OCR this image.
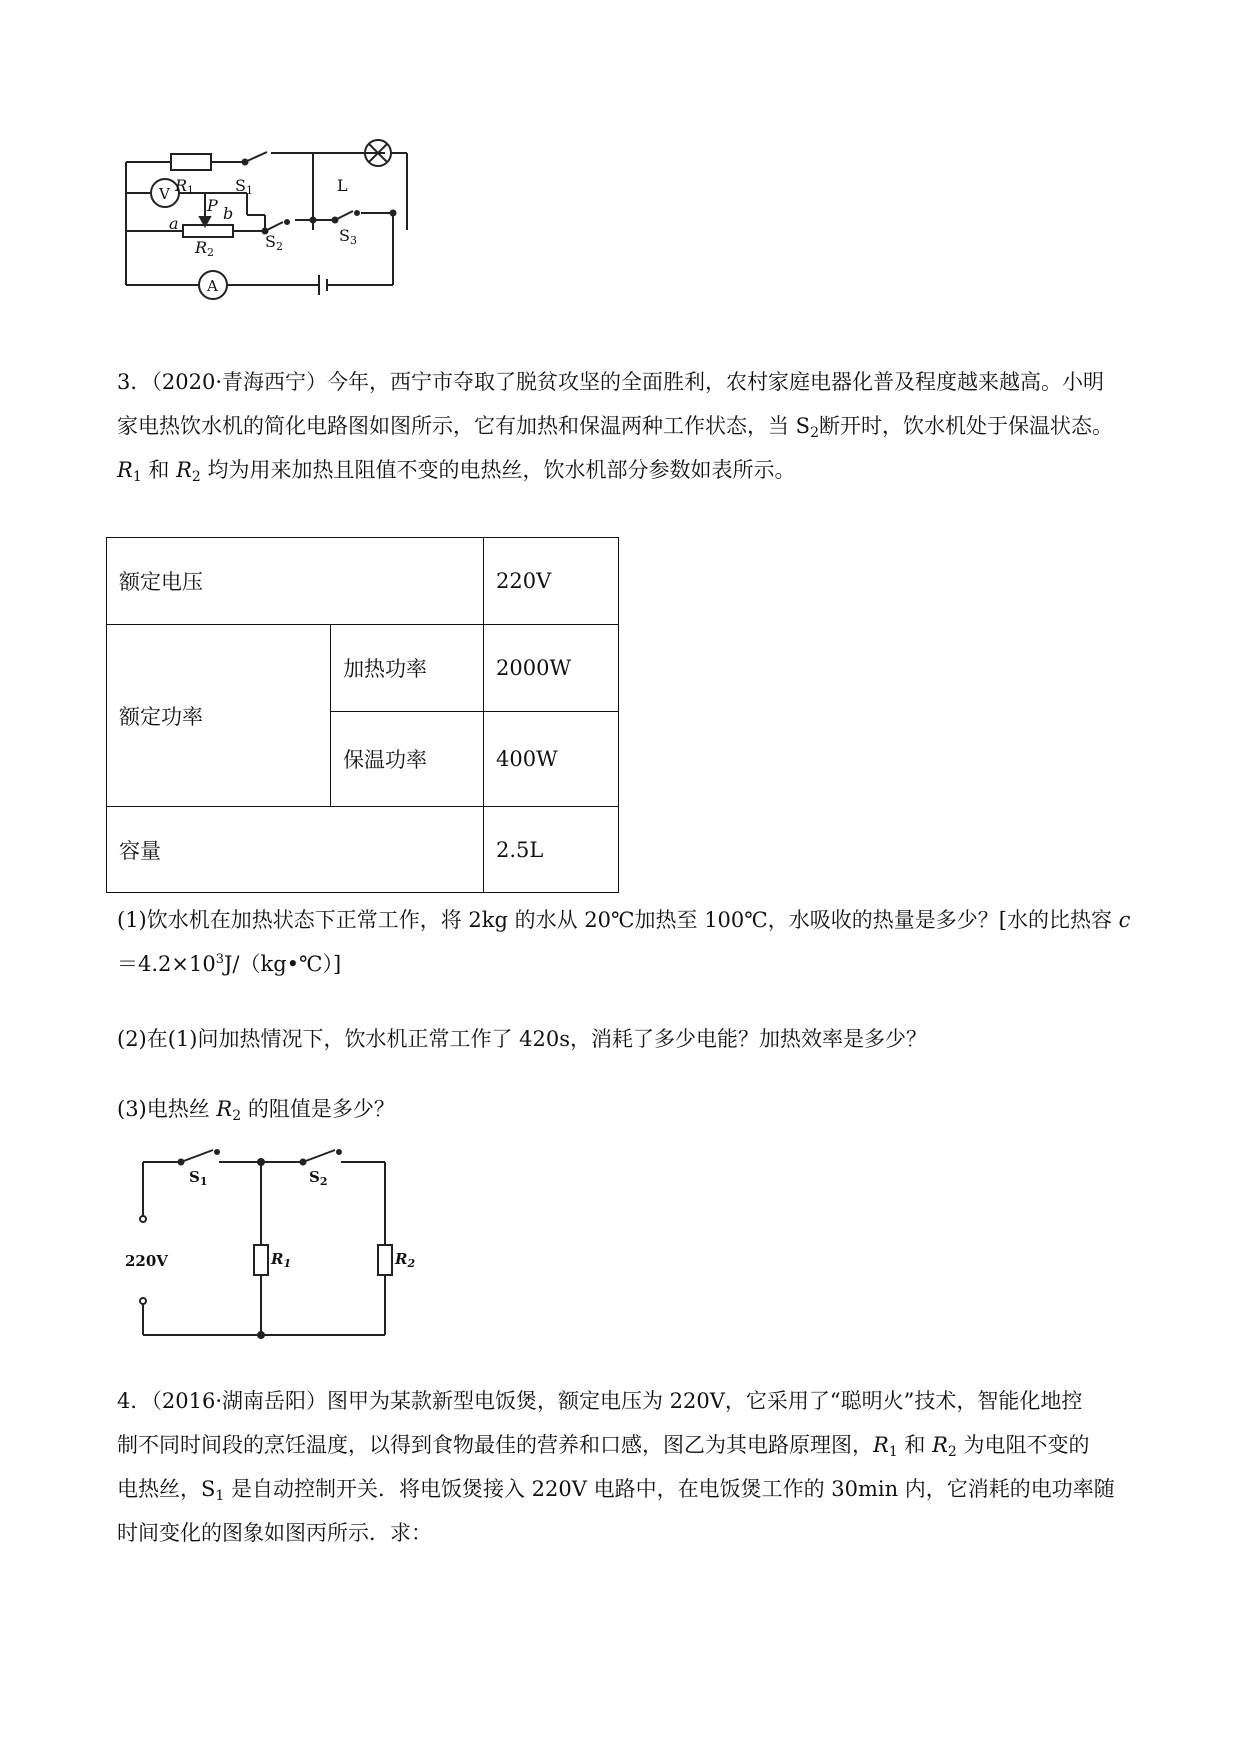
R1	S1	L
V
P
a
b
R2
S2
S3
A
3．（2020·青海西宁）今年，西宁市夺取了脱贫攻坚的全面胜利，农村家庭电器化普及程度越来越高。小明
家电热饮水机的简化电路图如图所示，它有加热和保温两种工作状态，当 $S_2$断开时，饮水机处于保温状态。
$R_1$ 和 $R_2$ 均为用来加热且阻值不变的电热丝，饮水机部分参数如表所示。
额定电压		220V
额定功率	加热功率	2000W
	保温功率	400W
容量		2.5L
(1)饮水机在加热状态下正常工作，将 2kg 的水从 20℃加热至 100℃，水吸收的热量是多少？[水的比热容 c
$=4.2\times 10^3J/(kg•℃)$]
(2)在(1)问加热情况下，饮水机正常工作了 420s，消耗了多少电能？加热效率是多少？
(3)电热丝 $R_2$ 的阻值是多少？
$S_1$	$S_2$
220V	$R_1$	$R_2$
4．（2016·湖南岳阳）图甲为某款新型电饭煲，额定电压为 220V，它采用了“聪明火”技术，智能化地控
制不同时间段的烹饪温度，以得到食物最佳的营养和口感，图乙为其电路原理图，$R_1$ 和 $R_2$ 为电阻不变的
电热丝，$S_1$ 是自动控制开关．将电饭煲接入 220V 电路中，在电饭煲工作的 30min 内，它消耗的电功率随
时间变化的图象如图丙所示．求：
